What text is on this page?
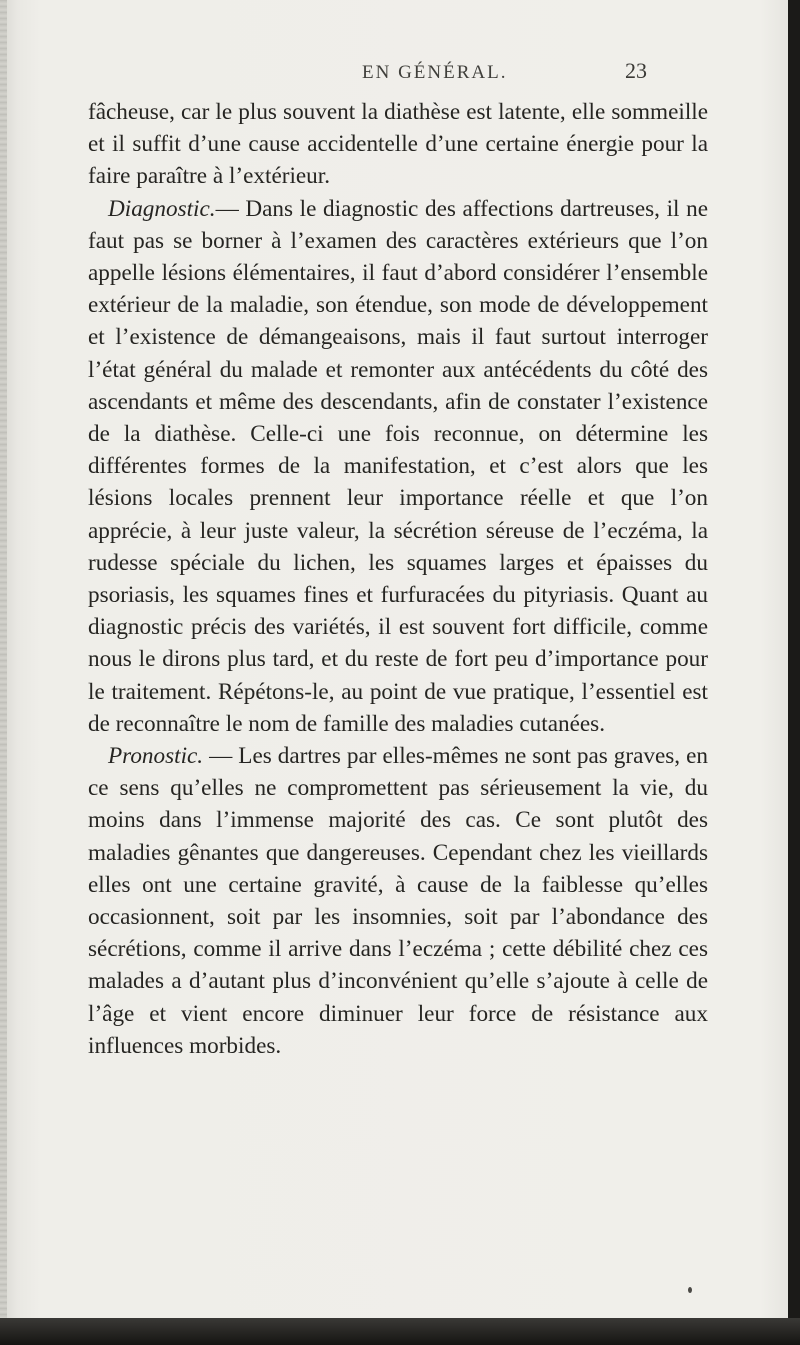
EN GÉNÉRAL.	23

fâcheuse, car le plus souvent la diathèse est latente, elle sommeille et il suffit d’une cause accidentelle d’une certaine énergie pour la faire paraître à l’extérieur.

Diagnostic.— Dans le diagnostic des affections dartreuses, il ne faut pas se borner à l’examen des caractères extérieurs que l’on appelle lésions élémentaires, il faut d’abord considérer l’ensemble extérieur de la maladie, son étendue, son mode de développement et l’existence de démangeaisons, mais il faut surtout interroger l’état général du malade et remonter aux antécédents du côté des ascendants et même des descendants, afin de constater l’existence de la diathèse. Celle-ci une fois reconnue, on détermine les différentes formes de la manifestation, et c’est alors que les lésions locales prennent leur importance réelle et que l’on apprécie, à leur juste valeur, la sécrétion séreuse de l’eczéma, la rudesse spéciale du lichen, les squames larges et épaisses du psoriasis, les squames fines et furfuracées du pityriasis. Quant au diagnostic précis des variétés, il est souvent fort difficile, comme nous le dirons plus tard, et du reste de fort peu d’importance pour le traitement. Répétons-le, au point de vue pratique, l’essentiel est de reconnaître le nom de famille des maladies cutanées.

Pronostic. — Les dartres par elles-mêmes ne sont pas graves, en ce sens qu’elles ne compromettent pas sérieusement la vie, du moins dans l’immense majorité des cas. Ce sont plutôt des maladies gênantes que dangereuses. Cependant chez les vieillards elles ont une certaine gravité, à cause de la faiblesse qu’elles occasionnent, soit par les insomnies, soit par l’abondance des sécrétions, comme il arrive dans l’eczéma ; cette débilité chez ces malades a d’autant plus d’inconvénient qu’elle s’ajoute à celle de l’âge et vient encore diminuer leur force de résistance aux influences morbides.
